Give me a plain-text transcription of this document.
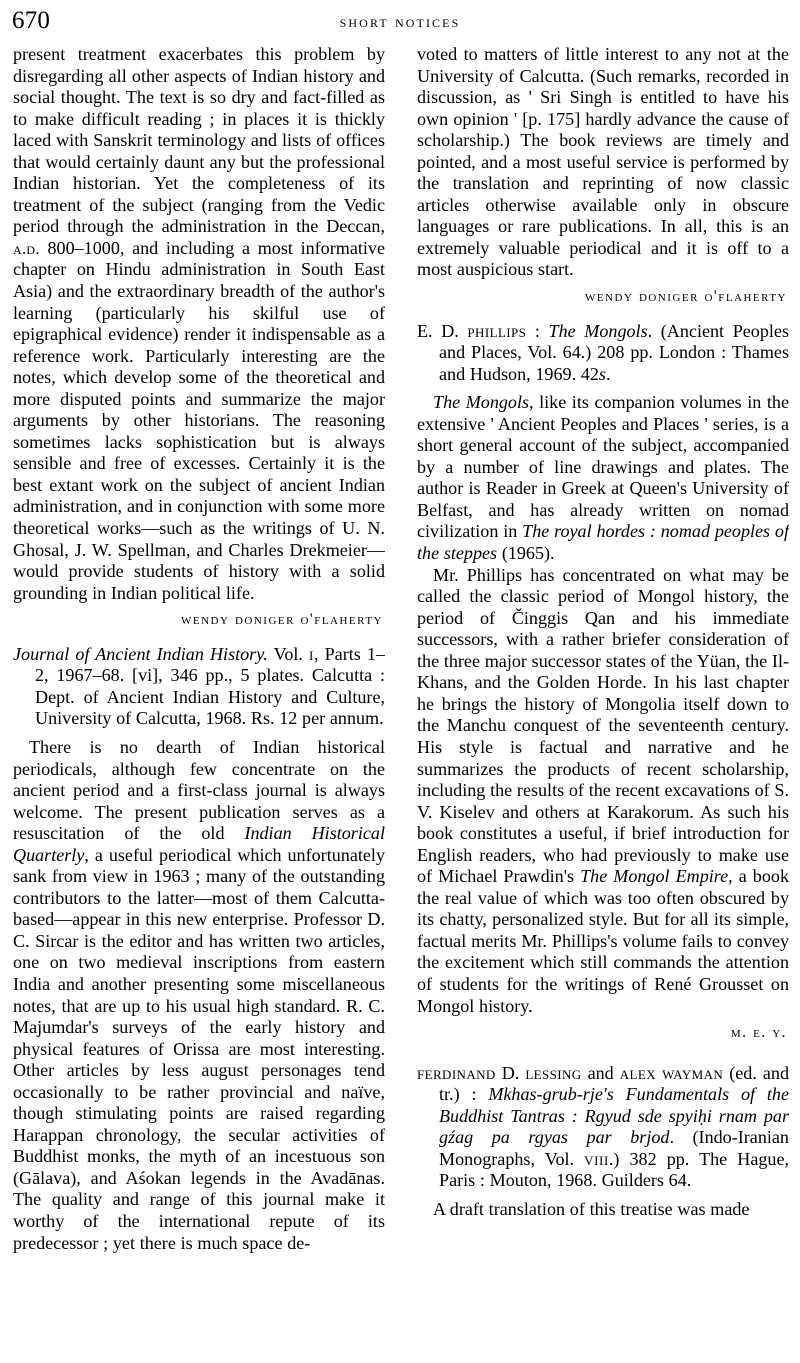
670	short notices

present treatment exacerbates this problem by disregarding all other aspects of Indian history and social thought. The text is so dry and fact-filled as to make difficult reading ; in places it is thickly laced with Sanskrit terminology and lists of offices that would certainly daunt any but the professional Indian historian. Yet the completeness of its treatment of the subject (ranging from the Vedic period through the administration in the Deccan, a.d. 800–1000, and including a most informative chapter on Hindu administration in South East Asia) and the extraordinary breadth of the author's learning (particularly his skilful use of epigraphical evidence) render it indispensable as a reference work. Particularly interesting are the notes, which develop some of the theoretical and more disputed points and summarize the major arguments by other historians. The reasoning sometimes lacks sophistication but is always sensible and free of excesses. Certainly it is the best extant work on the subject of ancient Indian administration, and in conjunction with some more theoretical works—such as the writings of U. N. Ghosal, J. W. Spellman, and Charles Drekmeier—would provide students of history with a solid grounding in Indian political life.

wendy doniger o'flaherty

Journal of Ancient Indian History. Vol. i, Parts 1–2, 1967–68. [vi], 346 pp., 5 plates. Calcutta : Dept. of Ancient Indian History and Culture, University of Calcutta, 1968. Rs. 12 per annum.

There is no dearth of Indian historical periodicals, although few concentrate on the ancient period and a first-class journal is always welcome. The present publication serves as a resuscitation of the old Indian Historical Quarterly, a useful periodical which unfortunately sank from view in 1963 ; many of the outstanding contributors to the latter—most of them Calcutta-based—appear in this new enterprise. Professor D. C. Sircar is the editor and has written two articles, one on two medieval inscriptions from eastern India and another presenting some miscellaneous notes, that are up to his usual high standard. R. C. Majumdar's surveys of the early history and physical features of Orissa are most interesting. Other articles by less august personages tend occasionally to be rather provincial and naïve, though stimulating points are raised regarding Harappan chronology, the secular activities of Buddhist monks, the myth of an incestuous son (Gālava), and Aśokan legends in the Avadānas. The quality and range of this journal make it worthy of the international repute of its predecessor ; yet there is much space de-

voted to matters of little interest to any not at the University of Calcutta. (Such remarks, recorded in discussion, as ' Sri Singh is entitled to have his own opinion ' [p. 175] hardly advance the cause of scholarship.) The book reviews are timely and pointed, and a most useful service is performed by the translation and reprinting of now classic articles otherwise available only in obscure languages or rare publications. In all, this is an extremely valuable periodical and it is off to a most auspicious start.

wendy doniger o'flaherty

E. D. phillips : The Mongols. (Ancient Peoples and Places, Vol. 64.) 208 pp. London : Thames and Hudson, 1969. 42s.

The Mongols, like its companion volumes in the extensive ' Ancient Peoples and Places ' series, is a short general account of the subject, accompanied by a number of line drawings and plates. The author is Reader in Greek at Queen's University of Belfast, and has already written on nomad civilization in The royal hordes : nomad peoples of the steppes (1965).

Mr. Phillips has concentrated on what may be called the classic period of Mongol history, the period of Činggis Qan and his immediate successors, with a rather briefer consideration of the three major successor states of the Yüan, the Il-Khans, and the Golden Horde. In his last chapter he brings the history of Mongolia itself down to the Manchu conquest of the seventeenth century. His style is factual and narrative and he summarizes the products of recent scholarship, including the results of the recent excavations of S. V. Kiselev and others at Karakorum. As such his book constitutes a useful, if brief introduction for English readers, who had previously to make use of Michael Prawdin's The Mongol Empire, a book the real value of which was too often obscured by its chatty, personalized style. But for all its simple, factual merits Mr. Phillips's volume fails to convey the excitement which still commands the attention of students for the writings of René Grousset on Mongol history.

m. e. y.

ferdinand D. lessing and alex wayman (ed. and tr.) : Mkhas-grub-rje's Fundamentals of the Buddhist Tantras : Rgyud sde spyiḥi rnam par gźag pa rgyas par brjod. (Indo-Iranian Monographs, Vol. viii.) 382 pp. The Hague, Paris : Mouton, 1968. Guilders 64.

A draft translation of this treatise was made
